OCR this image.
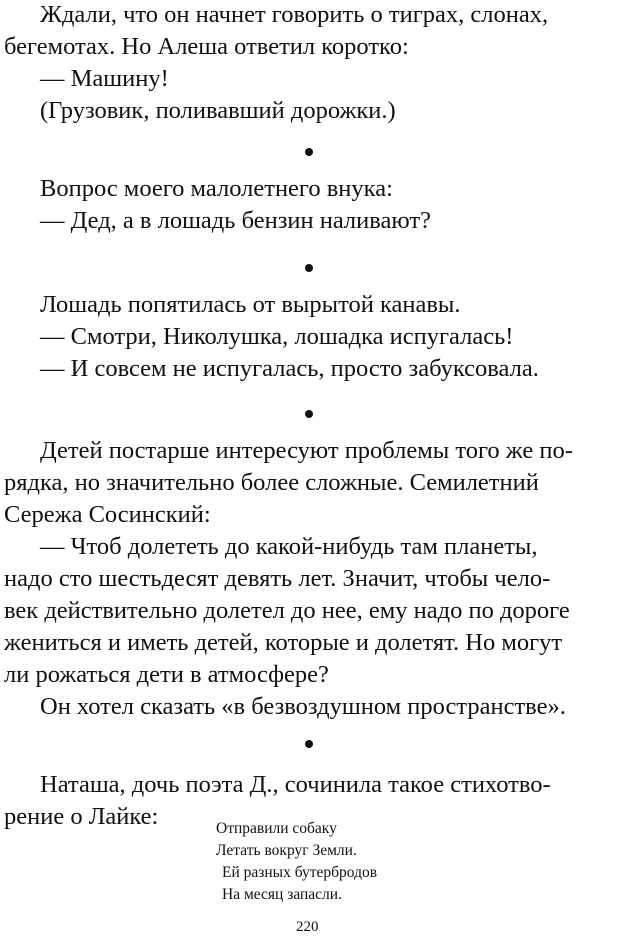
Ждали, что он начнет говорить о тиграх, слонах,
бегемотах. Но Алеша ответил коротко:
— Машину!
(Грузовик, поливавший дорожки.)
Вопрос моего малолетнего внука:
— Дед, а в лошадь бензин наливают?
Лошадь попятилась от вырытой канавы.
— Смотри, Николушка, лошадка испугалась!
— И совсем не испугалась, просто забуксовала.
Детей постарше интересуют проблемы того же по-
рядка, но значительно более сложные. Семилетний
Сережа Сосинский:
— Чтоб долететь до какой-нибудь там планеты,
надо сто шестьдесят девять лет. Значит, чтобы чело-
век действительно долетел до нее, ему надо по дороге
жениться и иметь детей, которые и долетят. Но могут
ли рожаться дети в атмосфере?
Он хотел сказать «в безвоздушном пространстве».
Наташа, дочь поэта Д., сочинила такое стихотво-
рение о Лайке:	Отправили собаку
Летать вокруг Земли.
Ей разных бутербродов
На месяц запасли.
220
